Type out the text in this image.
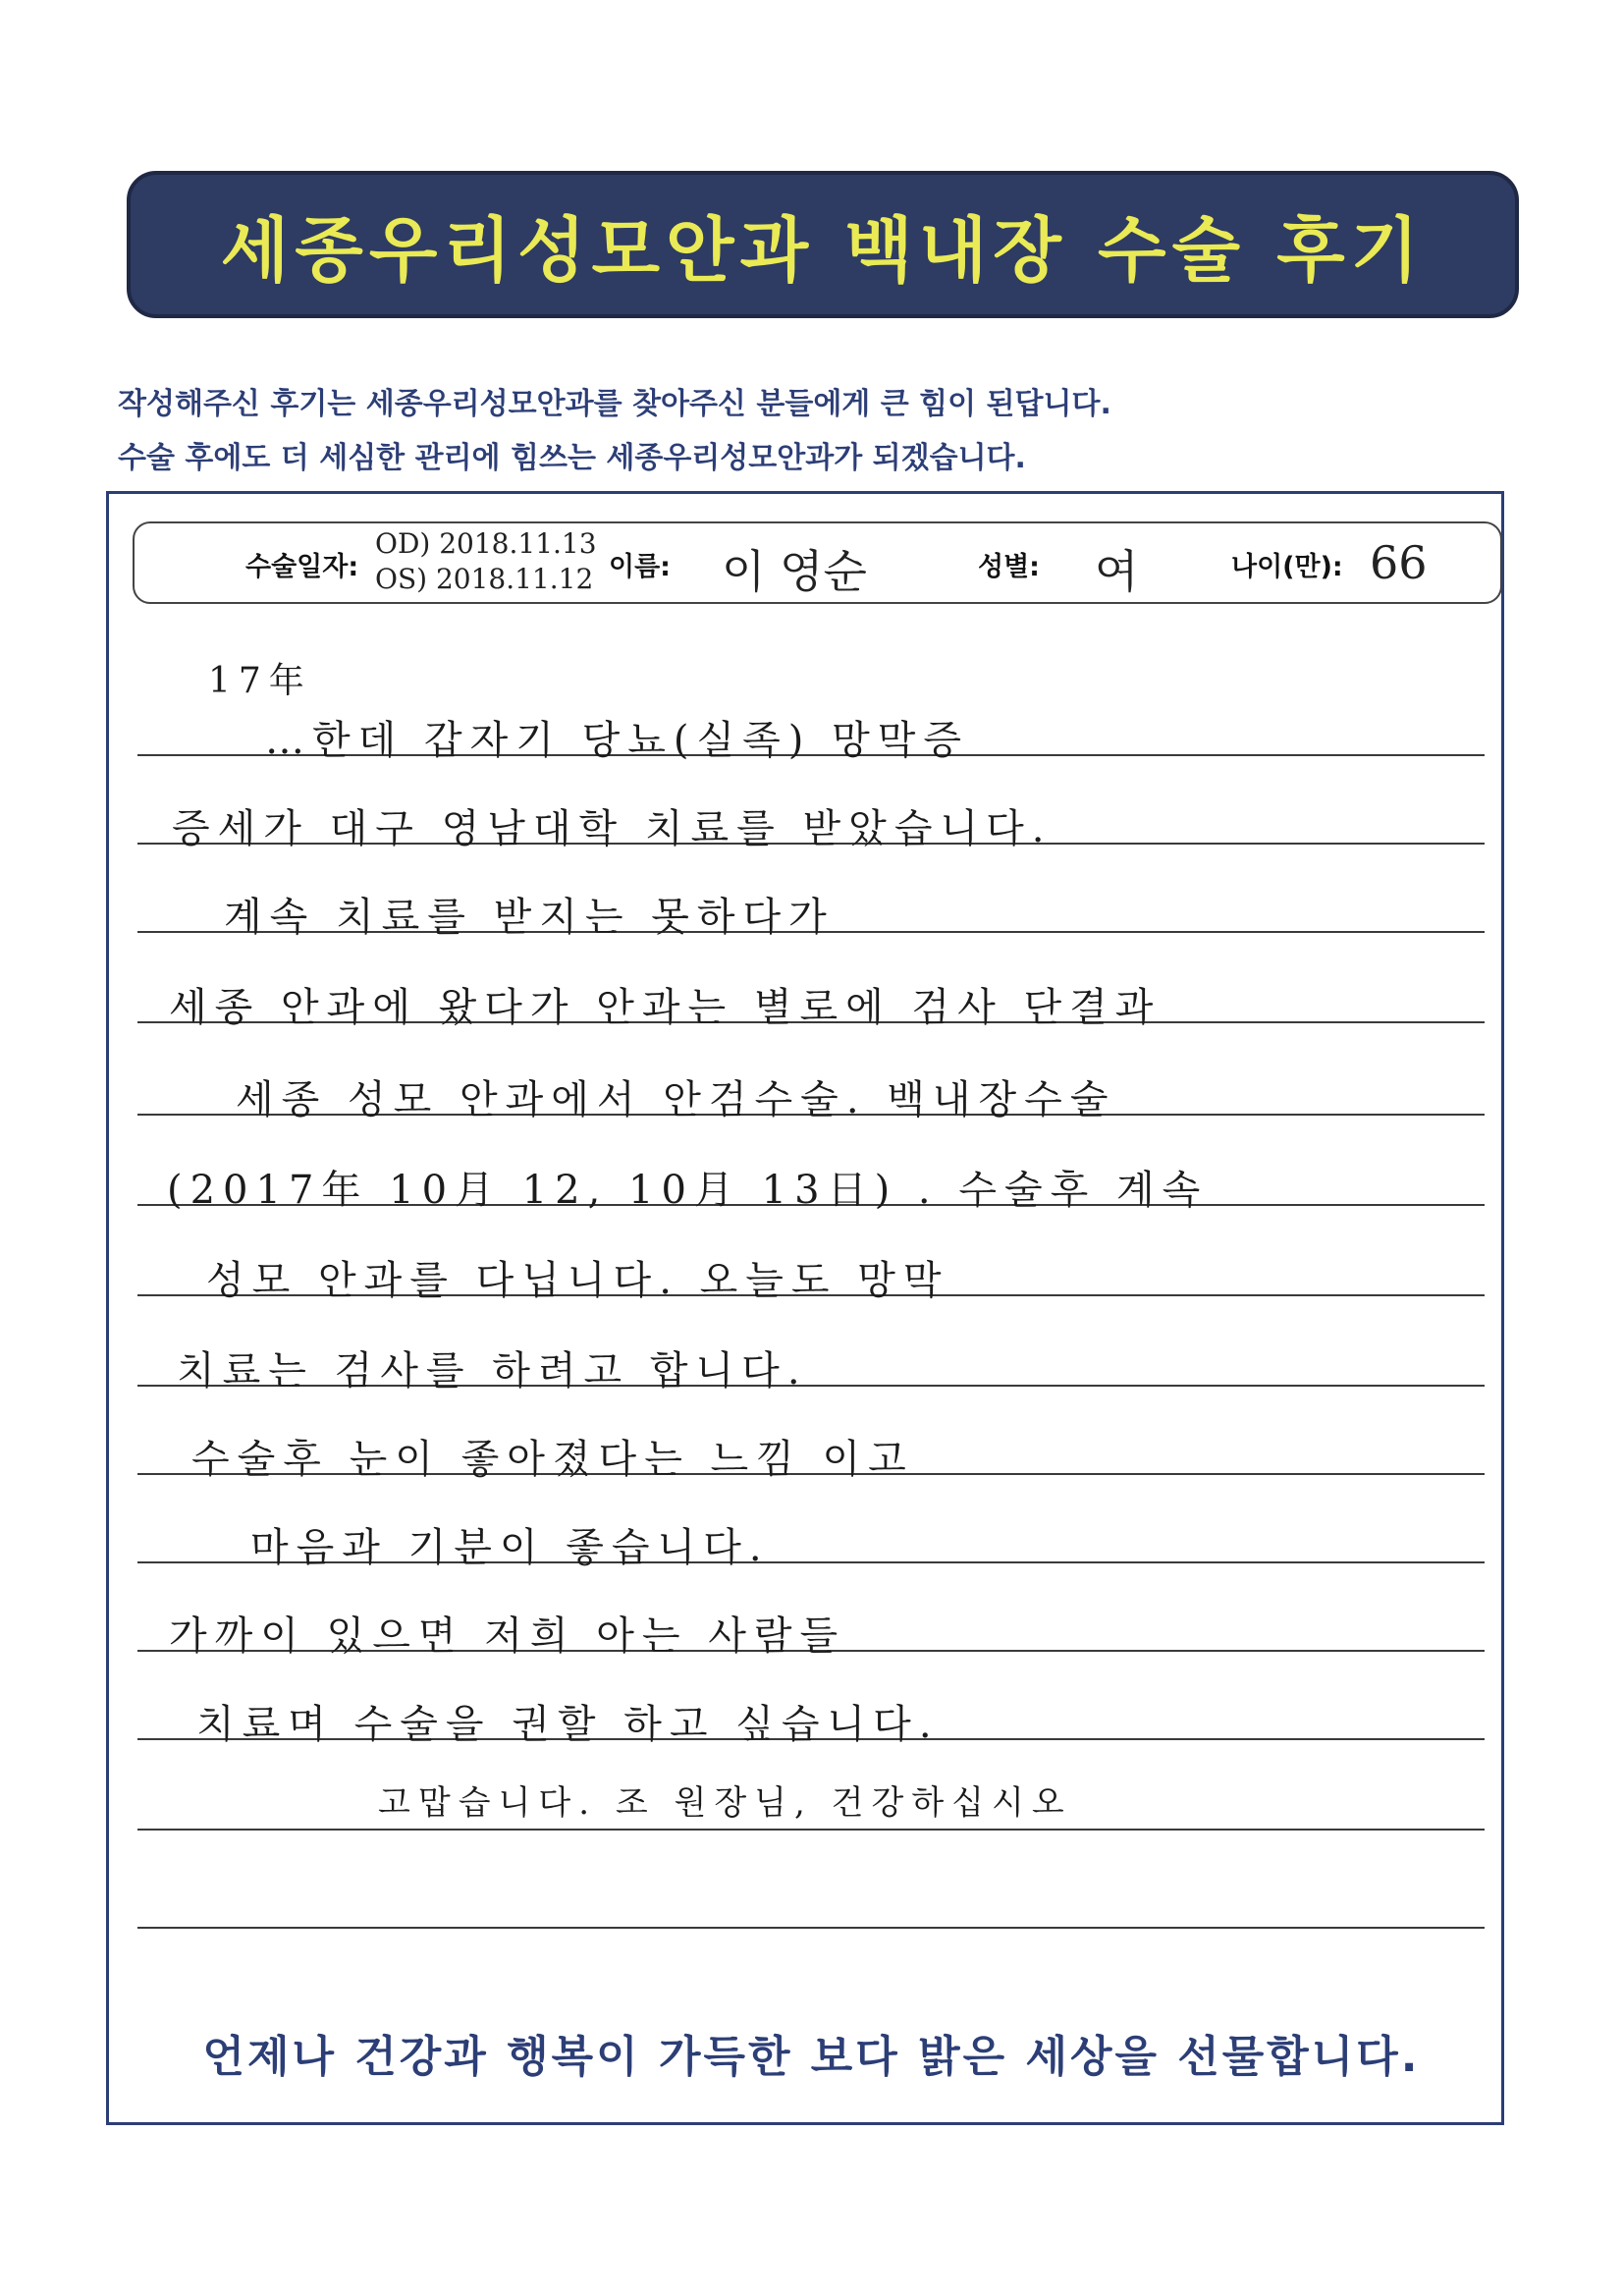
세종우리성모안과 백내장 수술 후기
작성해주신 후기는 세종우리성모안과를 찾아주신 분들에게 큰 힘이 된답니다.
수술 후에도 더 세심한 관리에 힘쓰는 세종우리성모안과가 되겠습니다.
수술일자:
OD) 2018.11.13
OS) 2018.11.12 이름: 이 영순	성별: 여	나이(만): 66
17年
…한데 갑자기 당뇨(실족) 망막증
증세가 대구 영남대학 치료를 받았습니다.
계속 치료를 받지는 못하다가
세종 안과에 왔다가 안과는 별로에 검사 단결과
세종 성모 안과에서 안검수술. 백내장수술
(2017年 10月 12, 10月 13日) . 수술후 계속
성모 안과를 다닙니다. 오늘도 망막
치료는 검사를 하려고 합니다.
수술후 눈이 좋아졌다는 느낌 이고
마음과 기분이 좋습니다.
가까이 있으면 저희 아는 사람들
치료며 수술을 권할 하고 싶습니다.
고맙습니다. 조 원장님, 건강하십시오
언제나 건강과 행복이 가득한 보다 밝은 세상을 선물합니다.
